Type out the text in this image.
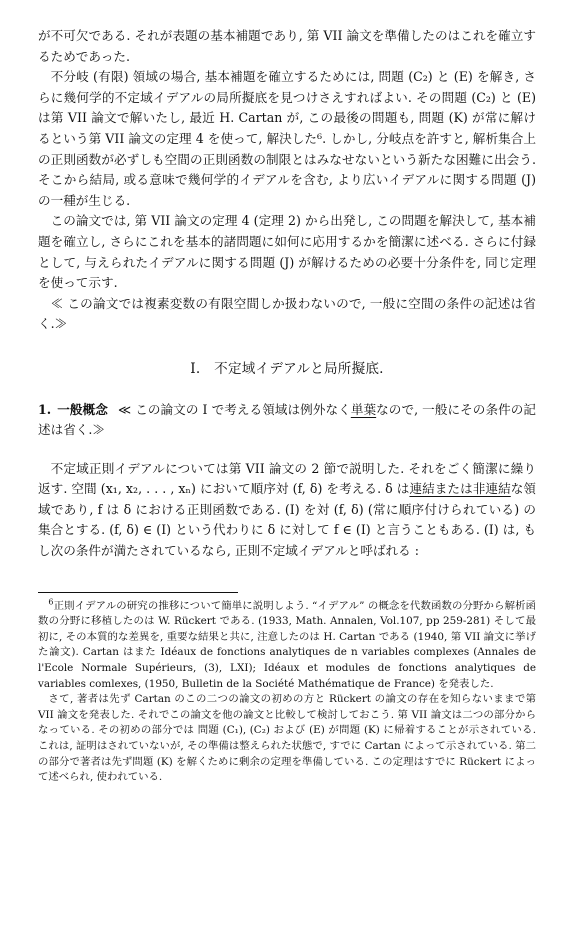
が不可欠である. それが表題の基本補題であり, 第 VII 論文を準備したのはこれを確立するためであった.

不分岐 (有限) 領域の場合, 基本補題を確立するためには, 問題 (C₂) と (E) を解き, さらに幾何学的不定域イデアルの局所擬底を見つけさえすればよい. その問題 (C₂) と (E) は第 VII 論文で解いたし, 最近 H. Cartan が, この最後の問題も, 問題 (K) が常に解けるという第 VII 論文の定理 4 を使って, 解決した⁶. しかし, 分岐点を許すと, 解析集合上の正則函数が必ずしも空間の正則函数の制限とはみなせないという新たな困難に出会う. そこから結局, 或る意味で幾何学的イデアルを含む, より広いイデアルに関する問題 (J) の一種が生じる.

この論文では, 第 VII 論文の定理 4 (定理 2) から出発し, この問題を解決して, 基本補題を確立し, さらにこれを基本的諸問題に如何に応用するかを簡潔に述べる. さらに付録として, 与えられたイデアルに関する問題 (J) が解けるための必要十分条件を, 同じ定理を使って示す.

≪ この論文では複素変数の有限空間しか扱わないので, 一般に空間の条件の記述は省く.≫

I.　不定域イデアルと局所擬底.

1. 一般概念 ≪ この論文の I で考える領域は例外なく単葉なので, 一般にその条件の記述は省く.≫

不定域正則イデアルについては第 VII 論文の 2 節で説明した. それをごく簡潔に繰り返す. 空間 (x₁, x₂, . . . , xₙ) において順序対 (f, δ) を考える. δ は連結または非連結な領域であり, f は δ における正則函数である. (I) を対 (f, δ) (常に順序付けられている) の集合とする. (f, δ) ∈ (I) という代わりに δ に対して f ∈ (I) と言うこともある. (I) は, もし次の条件が満たされているなら, 正則不定域イデアルと呼ばれる :

$^6$正則イデアルの研究の推移について簡単に説明しよう. “イデアル” の概念を代数函数の分野から解析函数の分野に移植したのは W. Rückert である. (1933, Math. Annalen, Vol.107, pp 259-281) そして最初に, その本質的な差異を, 重要な結果と共に, 注意したのは H. Cartan である (1940, 第 VII 論文に挙げた論文). Cartan はまた Idéaux de fonctions analytiques de n variables complexes (Annales de l'Ecole Normale Supérieurs, (3), LXI); Idéaux et modules de fonctions analytiques de variables comlexes, (1950, Bulletin de la Société Mathématique de France) を発表した.

さて, 著者は先ず Cartan のこの二つの論文の初めの方と Rückert の論文の存在を知らないままで第 VII 論文を発表した. それでこの論文を他の論文と比較して検討しておこう. 第 VII 論文は二つの部分からなっている. その初めの部分では 問題 (C₁), (C₂) および (E) が問題 (K) に帰着することが示されている. これは, 証明はされていないが, その準備は整えられた状態で, すでに Cartan によって示されている. 第二の部分で著者は先ず問題 (K) を解くために剰余の定理を準備している. この定理はすでに Rückert によって述べられ, 使われている.
